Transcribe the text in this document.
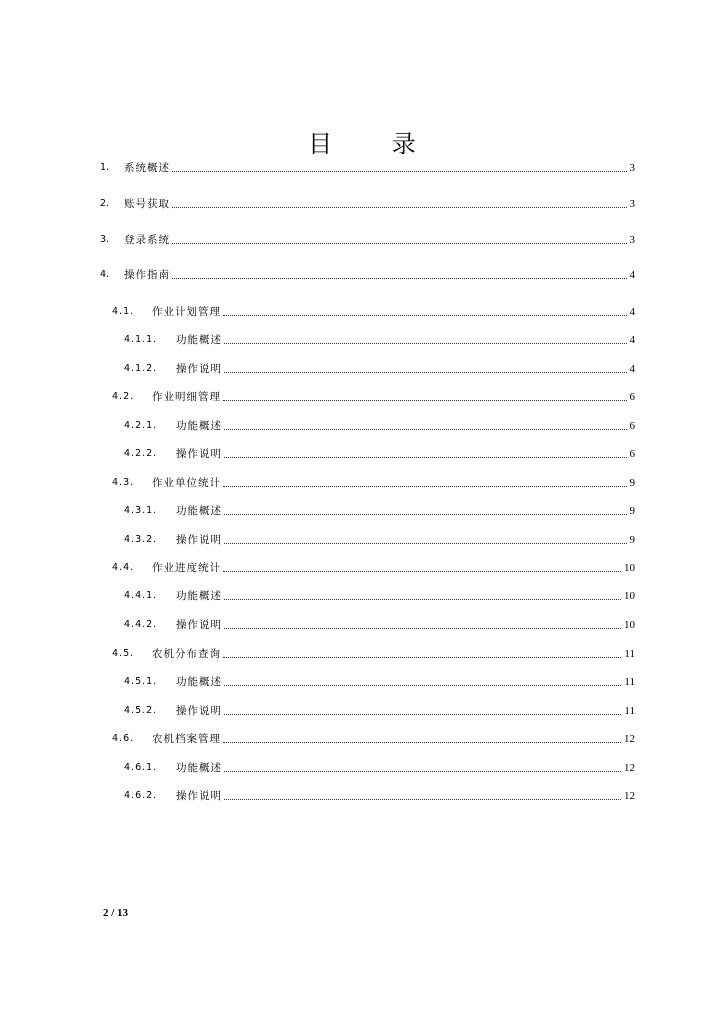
目 录
1.	系统概述	3
2.	账号获取	3
3.	登录系统	3
4.	操作指南	4
4.1.	作业计划管理	4
4.1.1.	功能概述	4
4.1.2.	操作说明	4
4.2.	作业明细管理	6
4.2.1.	功能概述	6
4.2.2.	操作说明	6
4.3.	作业单位统计	9
4.3.1.	功能概述	9
4.3.2.	操作说明	9
4.4.	作业进度统计	10
4.4.1.	功能概述	10
4.4.2.	操作说明	10
4.5.	农机分布查询	11
4.5.1.	功能概述	11
4.5.2.	操作说明	11
4.6.	农机档案管理	12
4.6.1.	功能概述	12
4.6.2.	操作说明	12
2 / 13
